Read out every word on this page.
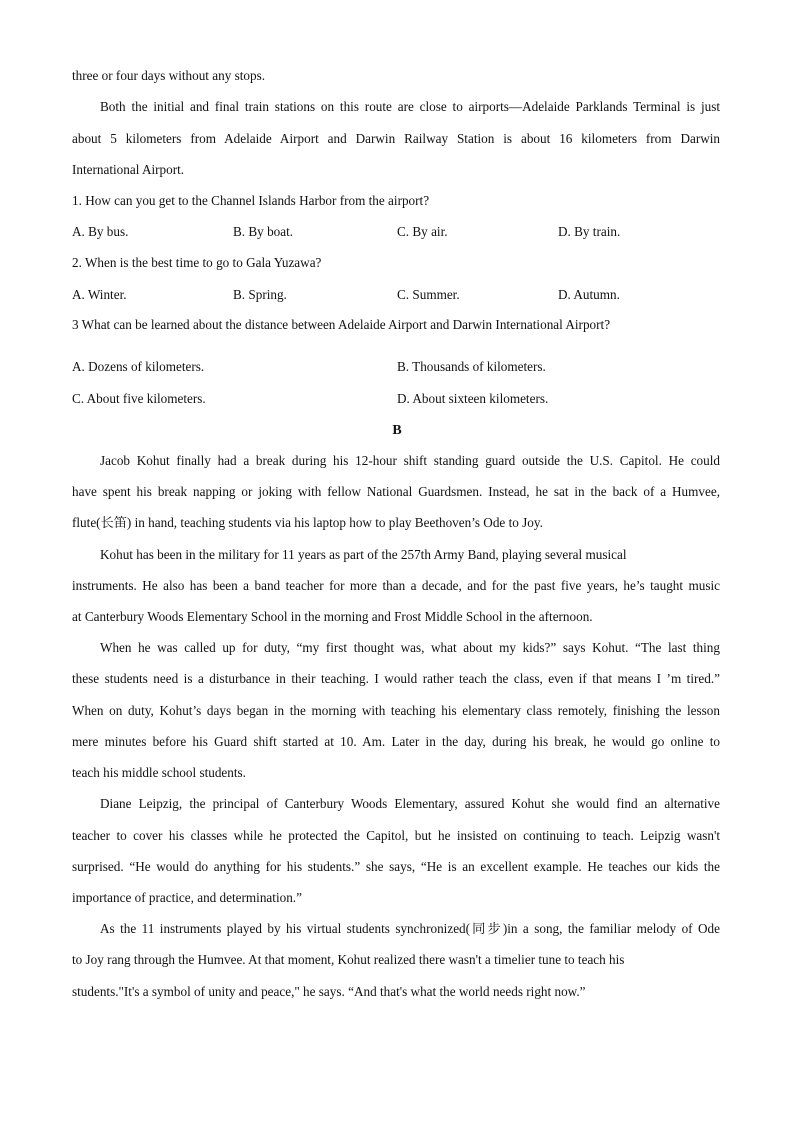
three or four days without any stops.
Both the initial and final train stations on this route are close to airports—Adelaide Parklands Terminal is just
about 5 kilometers from Adelaide Airport and Darwin Railway Station is about 16 kilometers from Darwin
International Airport.
1. How can you get to the Channel Islands Harbor from the airport?
A. By bus.	B. By boat.	C. By air.	D. By train.
2. When is the best time to go to Gala Yuzawa?
A. Winter.	B. Spring.	C. Summer.	D. Autumn.
3 What can be learned about the distance between Adelaide Airport and Darwin International Airport?
A. Dozens of kilometers.	B. Thousands of kilometers.
C. About five kilometers.	D. About sixteen kilometers.
B
Jacob Kohut finally had a break during his 12-hour shift standing guard outside the U.S. Capitol. He could
have spent his break napping or joking with fellow National Guardsmen. Instead, he sat in the back of a Humvee,
flute(长笛) in hand, teaching students via his laptop how to play Beethoven’s Ode to Joy.
Kohut has been in the military for 11 years as part of the 257th Army Band, playing several musical
instruments. He also has been a band teacher for more than a decade, and for the past five years, he’s taught music
at Canterbury Woods Elementary School in the morning and Frost Middle School in the afternoon.
When he was called up for duty, “my first thought was, what about my kids?” says Kohut. “The last thing
these students need is a disturbance in their teaching. I would rather teach the class, even if that means I ’m tired.”
When on duty, Kohut’s days began in the morning with teaching his elementary class remotely, finishing the lesson
mere minutes before his Guard shift started at 10. Am. Later in the day, during his break, he would go online to
teach his middle school students.
Diane Leipzig, the principal of Canterbury Woods Elementary, assured Kohut she would find an alternative
teacher to cover his classes while he protected the Capitol, but he insisted on continuing to teach. Leipzig wasn't
surprised. “He would do anything for his students.” she says, “He is an excellent example. He teaches our kids the
importance of practice, and determination.”
As the 11 instruments played by his virtual students synchronized(同步)in a song, the familiar melody of Ode
to Joy rang through the Humvee. At that moment, Kohut realized there wasn't a timelier tune to teach his
students."It's a symbol of unity and peace," he says. “And that's what the world needs right now.”
